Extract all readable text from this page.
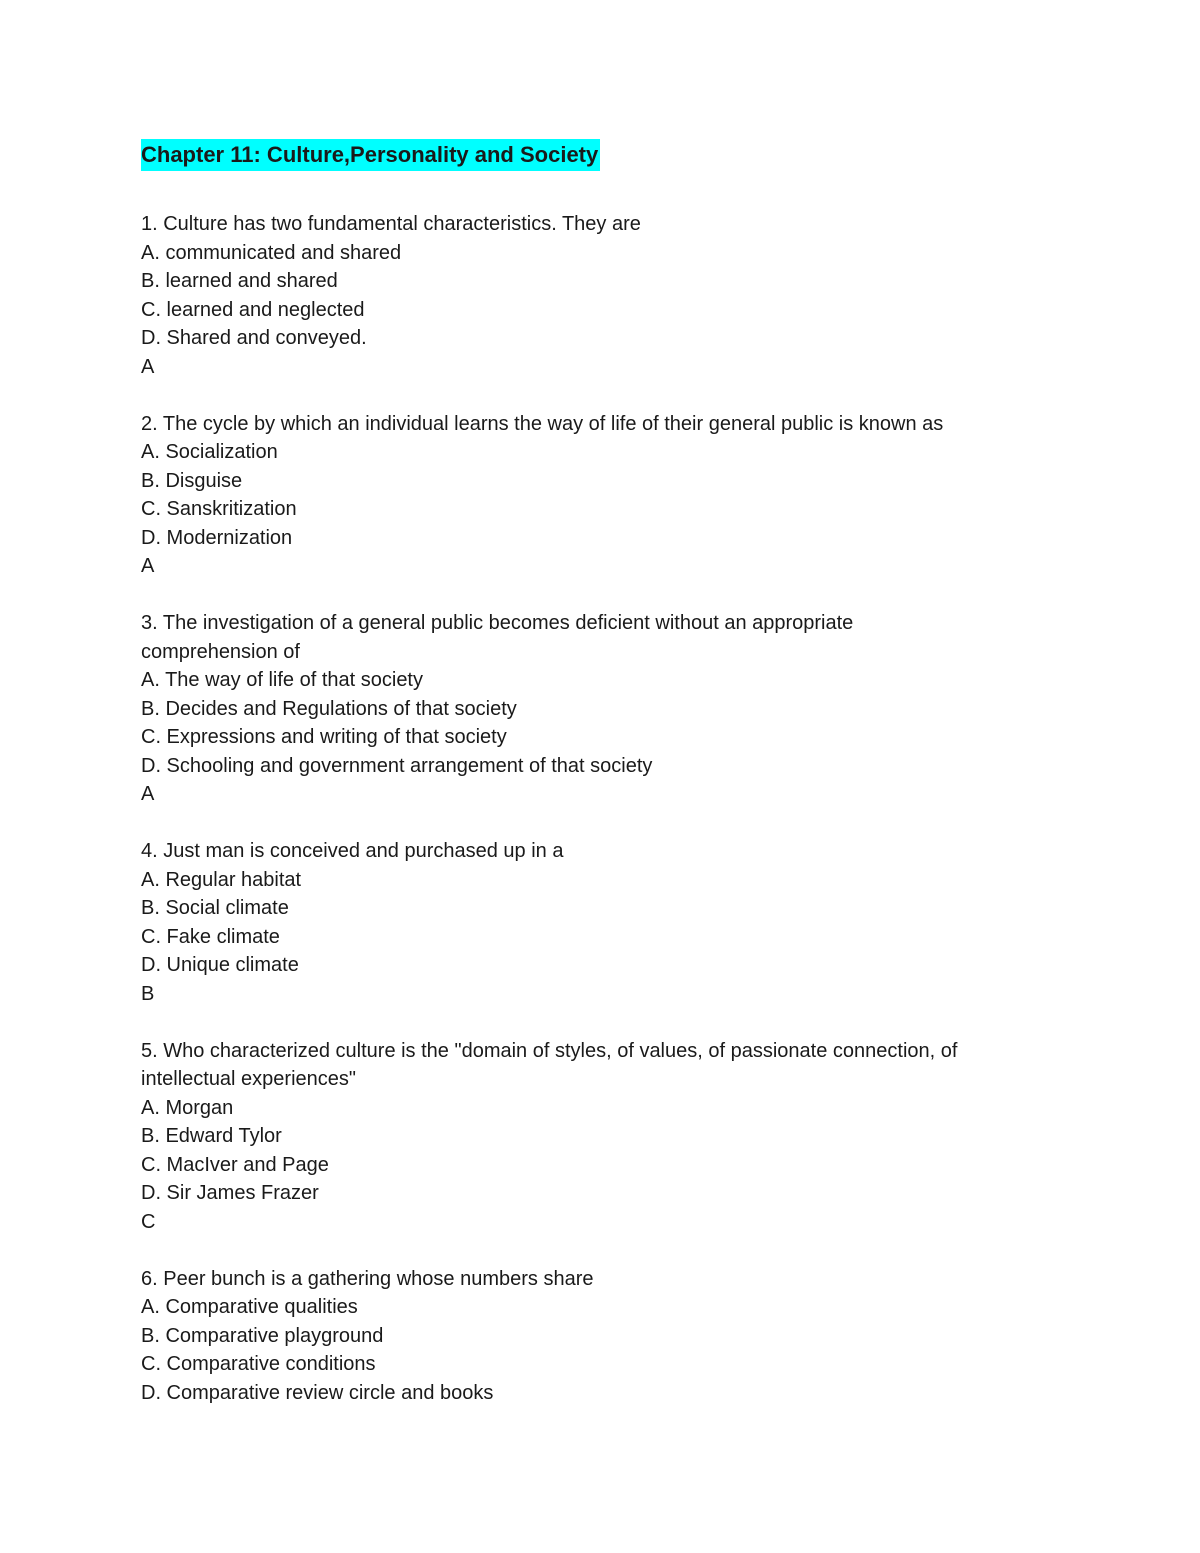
Chapter 11: Culture,Personality and Society
1. Culture has two fundamental characteristics. They are
A. communicated and shared
B. learned and shared
C. learned and neglected
D. Shared and conveyed.
A
2. The cycle by which an individual learns the way of life of their general public is known as
A. Socialization
B. Disguise
C. Sanskritization
D. Modernization
A
3. The investigation of a general public becomes deficient without an appropriate
comprehension of
A. The way of life of that society
B. Decides and Regulations of that society
C. Expressions and writing of that society
D. Schooling and government arrangement of that society
A
4. Just man is conceived and purchased up in a
A. Regular habitat
B. Social climate
C. Fake climate
D. Unique climate
B
5. Who characterized culture is the "domain of styles, of values, of passionate connection, of
intellectual experiences"
A. Morgan
B. Edward Tylor
C. MacIver and Page
D. Sir James Frazer
C
6. Peer bunch is a gathering whose numbers share
A. Comparative qualities
B. Comparative playground
C. Comparative conditions
D. Comparative review circle and books
